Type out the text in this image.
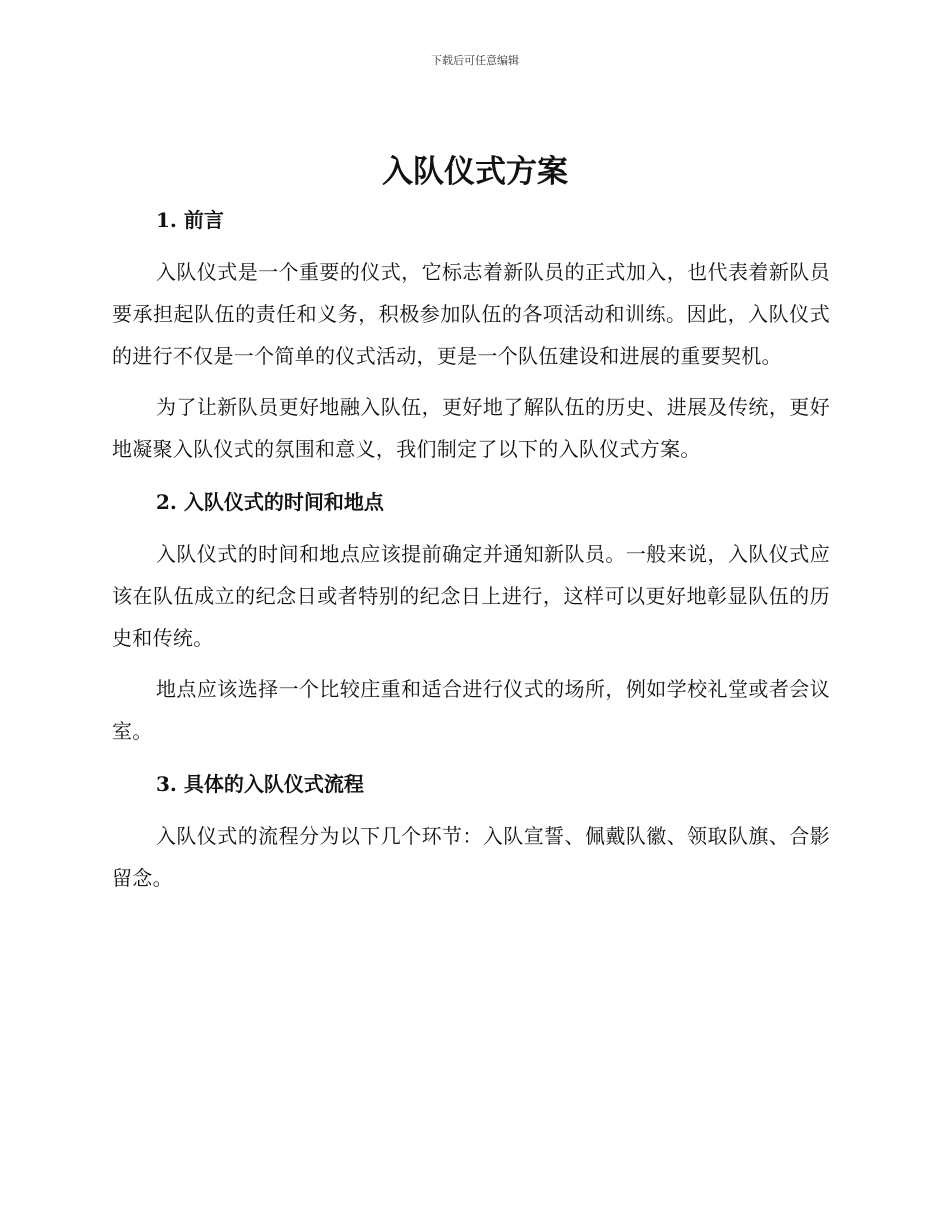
下载后可任意编辑
入队仪式方案
1. 前言

入队仪式是一个重要的仪式，它标志着新队员的正式加入，也代表着新队员要承担起队伍的责任和义务，积极参加队伍的各项活动和训练。因此，入队仪式的进行不仅是一个简单的仪式活动，更是一个队伍建设和进展的重要契机。

为了让新队员更好地融入队伍，更好地了解队伍的历史、进展及传统，更好地凝聚入队仪式的氛围和意义，我们制定了以下的入队仪式方案。

2. 入队仪式的时间和地点

入队仪式的时间和地点应该提前确定并通知新队员。一般来说，入队仪式应该在队伍成立的纪念日或者特别的纪念日上进行，这样可以更好地彰显队伍的历史和传统。

地点应该选择一个比较庄重和适合进行仪式的场所，例如学校礼堂或者会议室。

3. 具体的入队仪式流程

入队仪式的流程分为以下几个环节：入队宣誓、佩戴队徽、领取队旗、合影留念。
